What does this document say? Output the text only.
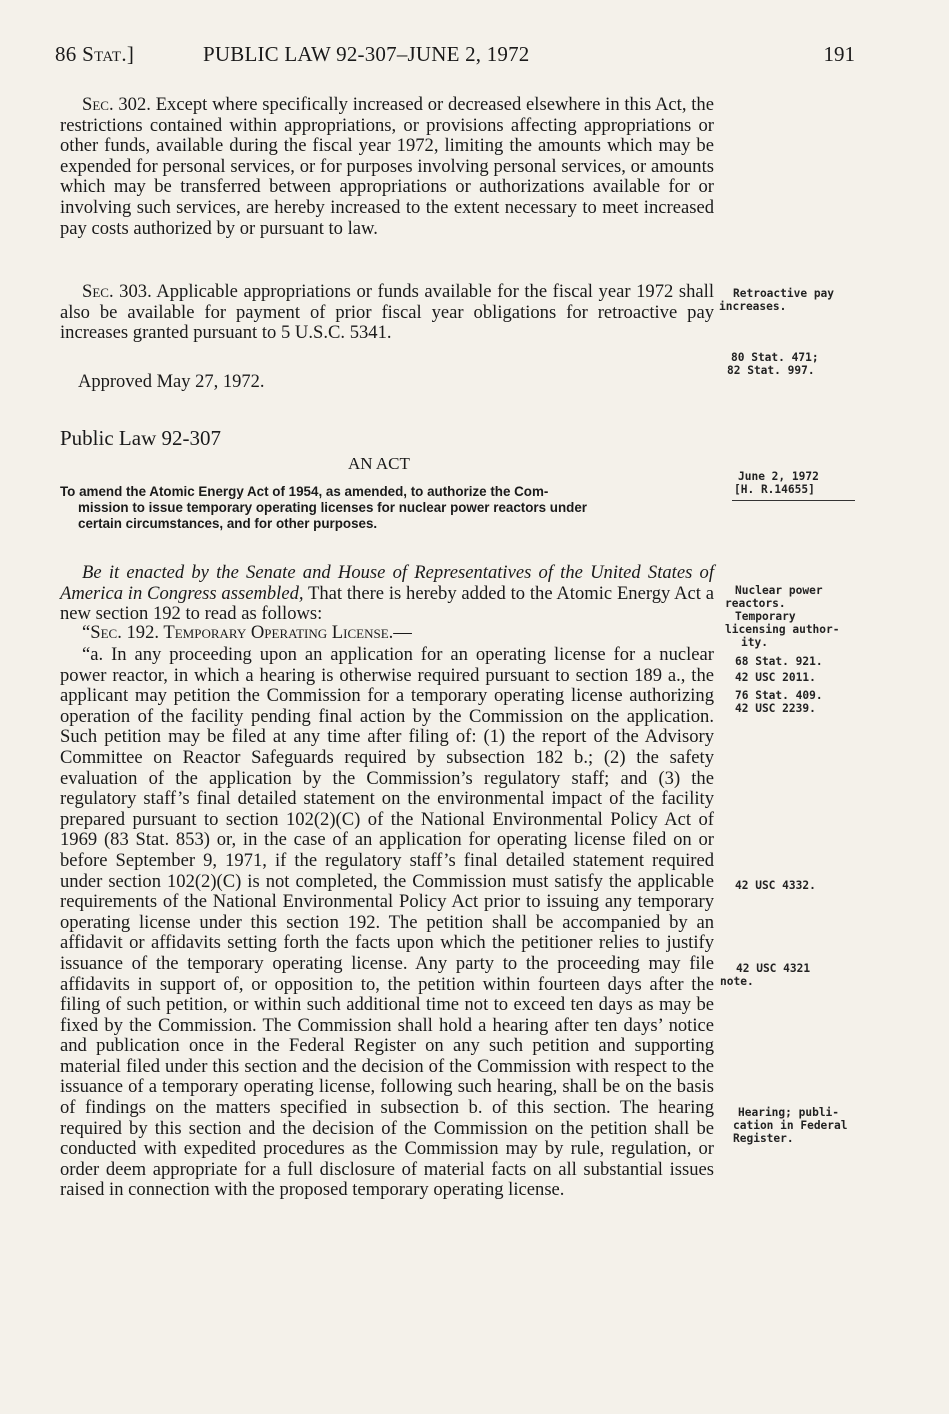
86 Stat.]	PUBLIC LAW 92-307–JUNE 2, 1972	191

Sec. 302. Except where specifically increased or decreased elsewhere in this Act, the restrictions contained within appropriations, or provisions affecting appropriations or other funds, available during the fiscal year 1972, limiting the amounts which may be expended for personal services, or for purposes involving personal services, or amounts which may be transferred between appropriations or authorizations available for or involving such services, are hereby increased to the extent necessary to meet increased pay costs authorized by or pursuant to law.

Sec. 303. Applicable appropriations or funds available for the fiscal year 1972 shall also be available for payment of prior fiscal year obligations for retroactive pay increases granted pursuant to 5 U.S.C. 5341.

Approved May 27, 1972.
Public Law 92-307
AN ACT
To amend the Atomic Energy Act of 1954, as amended, to authorize the Com-
mission to issue temporary operating licenses for nuclear power reactors under
certain circumstances, and for other purposes.

Be it enacted by the Senate and House of Representatives of the United States of America in Congress assembled, That there is hereby added to the Atomic Energy Act a new section 192 to read as follows:

“Sec. 192. Temporary Operating License.—

“a. In any proceeding upon an application for an operating license for a nuclear power reactor, in which a hearing is otherwise required pursuant to section 189 a., the applicant may petition the Commission for a temporary operating license authorizing operation of the facility pending final action by the Commission on the application. Such petition may be filed at any time after filing of: (1) the report of the Advisory Committee on Reactor Safeguards required by subsection 182 b.; (2) the safety evaluation of the application by the Commission’s regulatory staff; and (3) the regulatory staff’s final detailed statement on the environmental impact of the facility prepared pursuant to section 102(2)(C) of the National Environmental Policy Act of 1969 (83 Stat. 853) or, in the case of an application for operating license filed on or before September 9, 1971, if the regulatory staff’s final detailed statement required under section 102(2)(C) is not completed, the Commission must satisfy the applicable requirements of the National Environmental Policy Act prior to issuing any temporary operating license under this section 192. The petition shall be accompanied by an affidavit or affidavits setting forth the facts upon which the petitioner relies to justify issuance of the temporary operating license. Any party to the proceeding may file affidavits in support of, or opposition to, the petition within fourteen days after the filing of such petition, or within such additional time not to exceed ten days as may be fixed by the Commission. The Commission shall hold a hearing after ten days’ notice and publication once in the Federal Register on any such petition and supporting material filed under this section and the decision of the Commission with respect to the issuance of a temporary operating license, following such hearing, shall be on the basis of findings on the matters specified in subsection b. of this section. The hearing required by this section and the decision of the Commission on the petition shall be conducted with expedited procedures as the Commission may by rule, regulation, or order deem appropriate for a full disclosure of material facts on all substantial issues raised in connection with the proposed temporary operating license.

Retroactive pay
increases.
80 Stat. 471;
82 Stat. 997.
June 2, 1972
[H. R.14655]
Nuclear power
reactors.
Temporary
licensing author-
ity.
68 Stat. 921.
42 USC 2011.
76 Stat. 409.
42 USC 2239.
42 USC 4332.
42 USC 4321
note.
Hearing; publi-
cation in Federal
Register.
